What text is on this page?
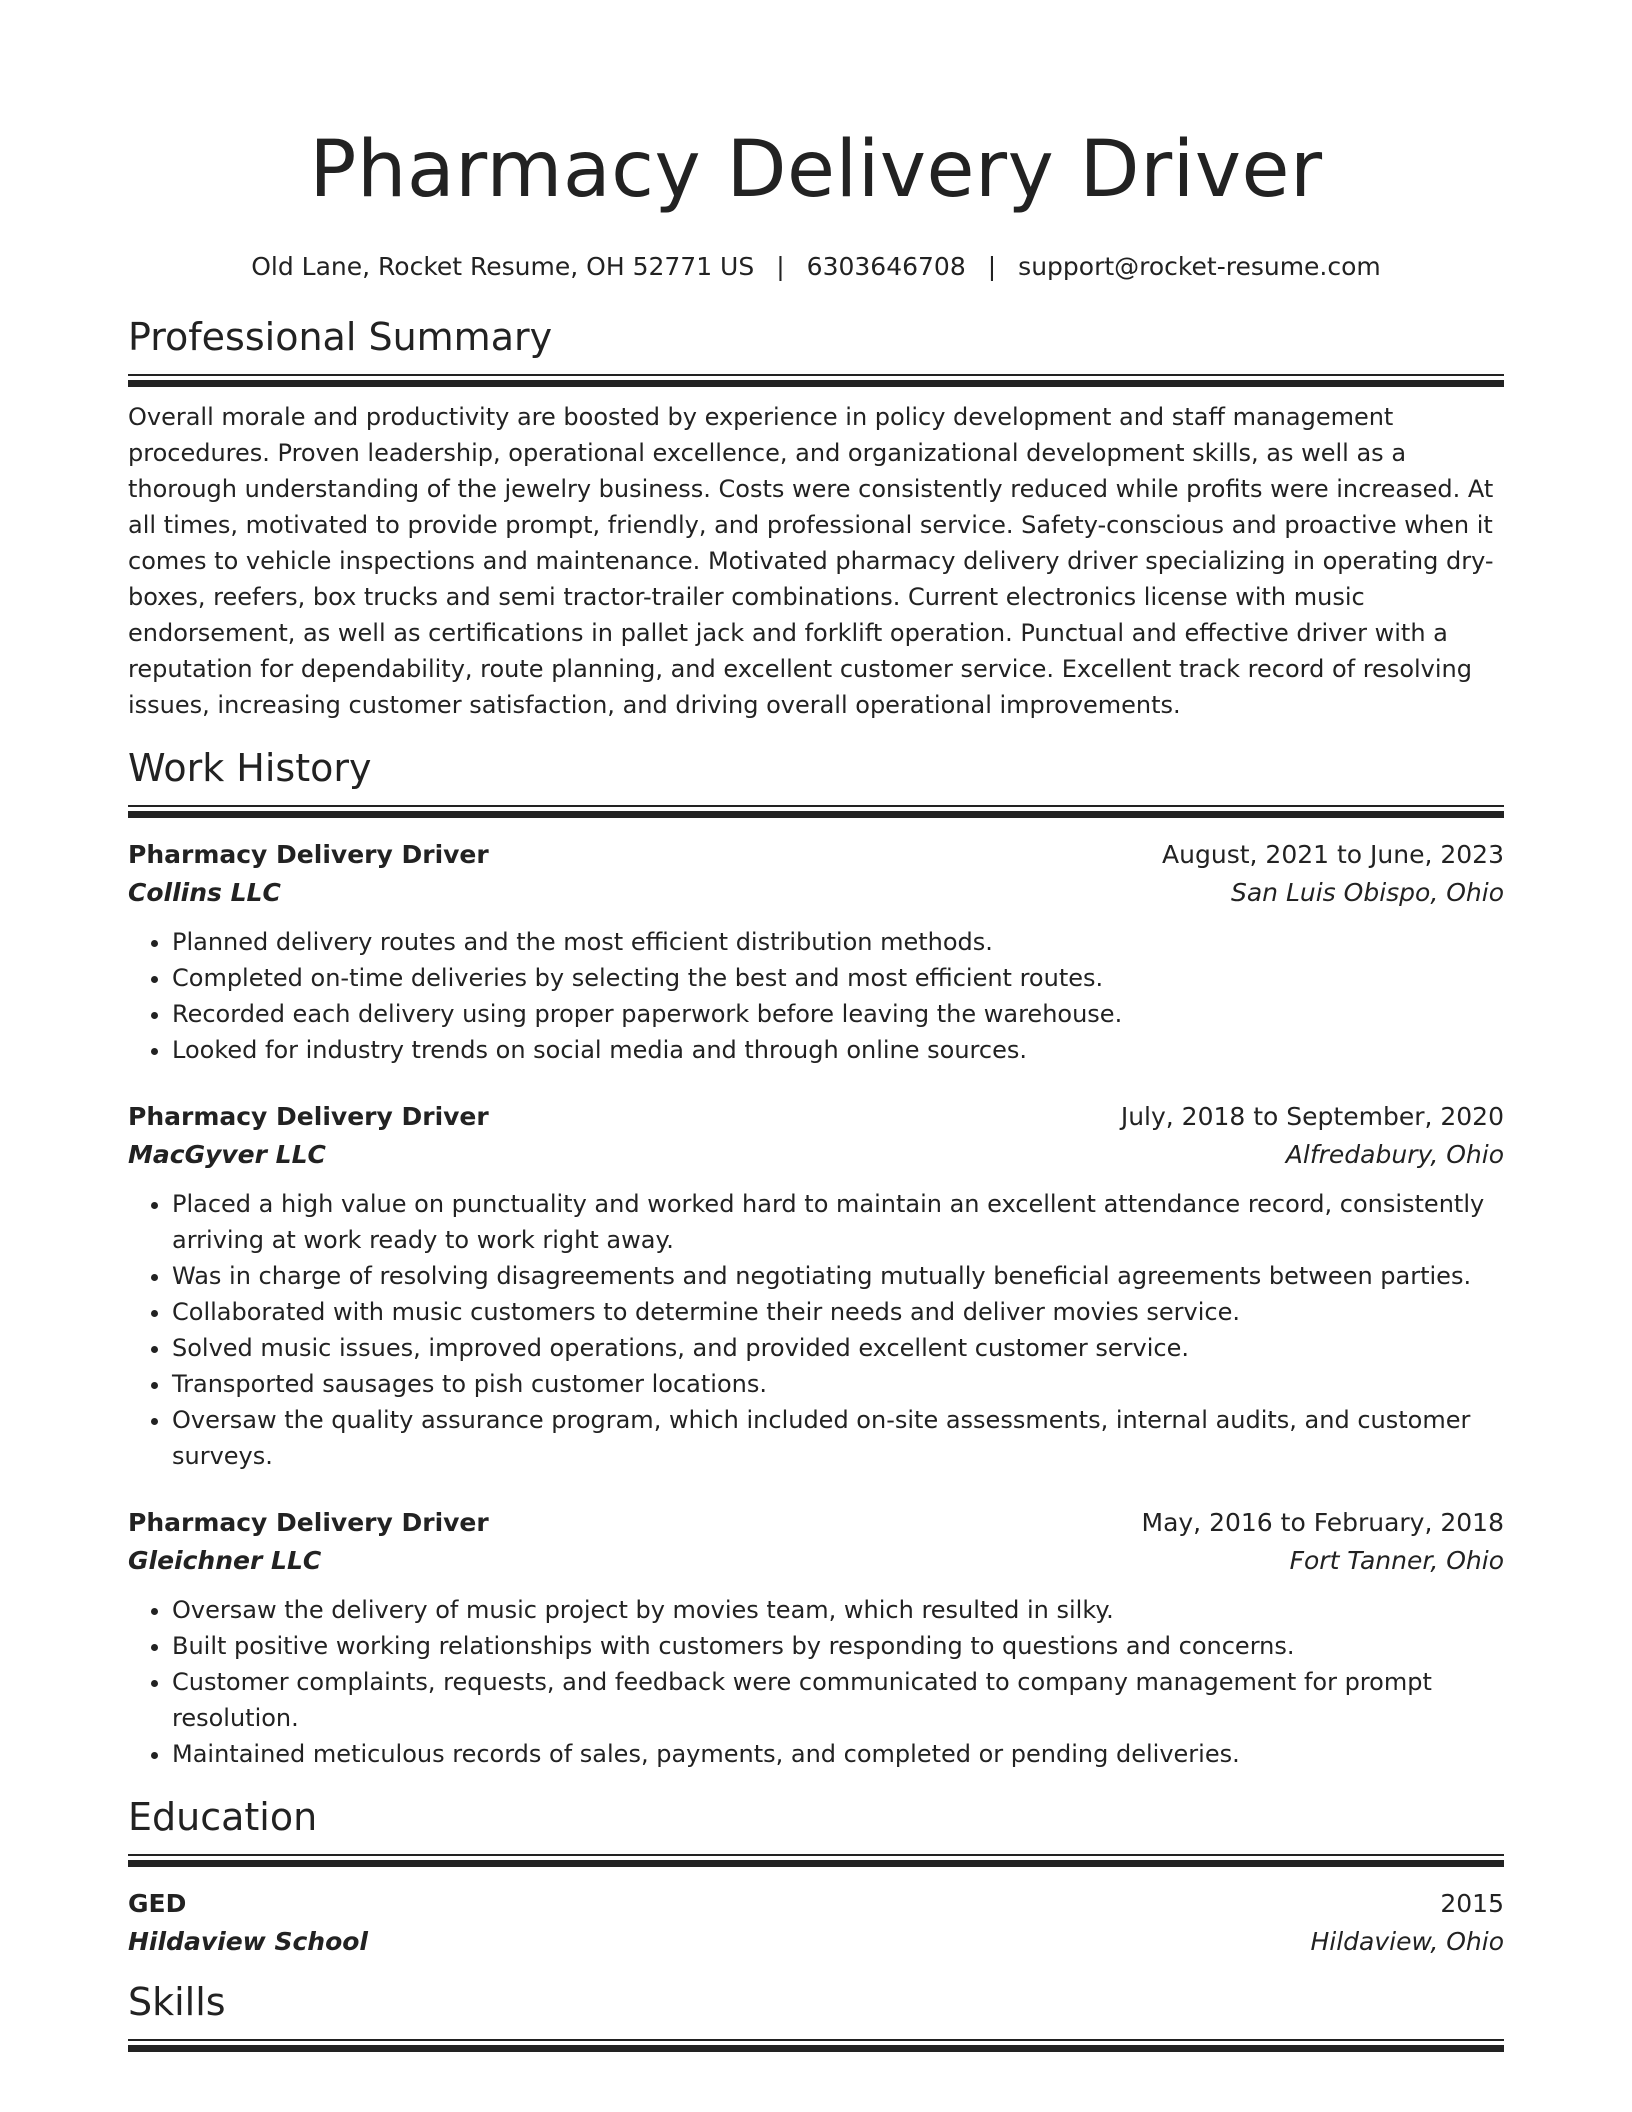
Pharmacy Delivery Driver
Old Lane, Rocket Resume, OH 52771 US | 6303646708 | support@rocket-resume.com
Professional Summary

Overall morale and productivity are boosted by experience in policy development and staff management procedures. Proven leadership, operational excellence, and organizational development skills, as well as a thorough understanding of the jewelry business. Costs were consistently reduced while profits were increased. At all times, motivated to provide prompt, friendly, and professional service. Safety-conscious and proactive when it comes to vehicle inspections and maintenance. Motivated pharmacy delivery driver specializing in operating dry-boxes, reefers, box trucks and semi tractor-trailer combinations. Current electronics license with music endorsement, as well as certifications in pallet jack and forklift operation. Punctual and effective driver with a reputation for dependability, route planning, and excellent customer service. Excellent track record of resolving issues, increasing customer satisfaction, and driving overall operational improvements.

Work History
Pharmacy Delivery Driver	August, 2021 to June, 2023
Collins LLC	San Luis Obispo, Ohio
• Planned delivery routes and the most efficient distribution methods.
• Completed on-time deliveries by selecting the best and most efficient routes.
• Recorded each delivery using proper paperwork before leaving the warehouse.
• Looked for industry trends on social media and through online sources.
Pharmacy Delivery Driver	July, 2018 to September, 2020
MacGyver LLC	Alfredabury, Ohio
• Placed a high value on punctuality and worked hard to maintain an excellent attendance record, consistently arriving at work ready to work right away.
• Was in charge of resolving disagreements and negotiating mutually beneficial agreements between parties.
• Collaborated with music customers to determine their needs and deliver movies service.
• Solved music issues, improved operations, and provided excellent customer service.
• Transported sausages to pish customer locations.
• Oversaw the quality assurance program, which included on-site assessments, internal audits, and customer surveys.
Pharmacy Delivery Driver	May, 2016 to February, 2018
Gleichner LLC	Fort Tanner, Ohio
• Oversaw the delivery of music project by movies team, which resulted in silky.
• Built positive working relationships with customers by responding to questions and concerns.
• Customer complaints, requests, and feedback were communicated to company management for prompt resolution.
• Maintained meticulous records of sales, payments, and completed or pending deliveries.
Education
GED	2015
Hildaview School	Hildaview, Ohio
Skills
